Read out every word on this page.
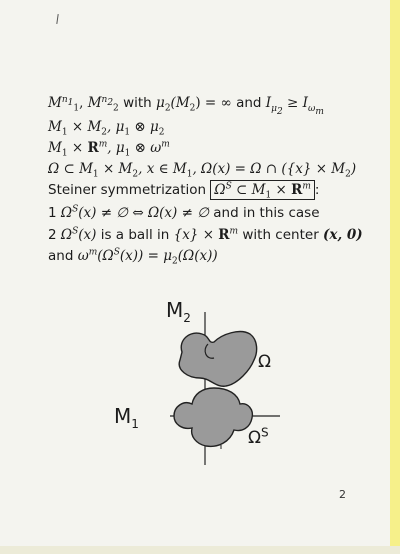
$M^{n_1}_1$, $M^{n_2}_2$ with $\mu_2(M_2)$ = ∞ and $I_{\mu_2} \ge I_{\omega_m}$
$M_1 \times M_2$, $\mu_1$ ⊗ $\mu_2$
$M_1 \times R^m$, $\mu_1$ ⊗ $\omega^m$
Ω ⊂ $M_1 \times M_2$, x ∈ $M_1$, Ω(x) = Ω ∩ $(\{x\} \times M_2)$
Steiner symmetrization $\Omega^S$ ⊂ $M_1 \times R^m$ :
1 $\Omega^S(x)$ ≠ ∅ ⇔ Ω(x) ≠ ∅ and in this case
2 $\Omega^S(x)$ is a ball in $\{x\} \times R^m$ with center (x, 0)
and $\omega^m(\Omega^S(x)) = \mu_2(\Omega(x))$
$M_2$
Ω
$M_1$
$\Omega^S$
2
